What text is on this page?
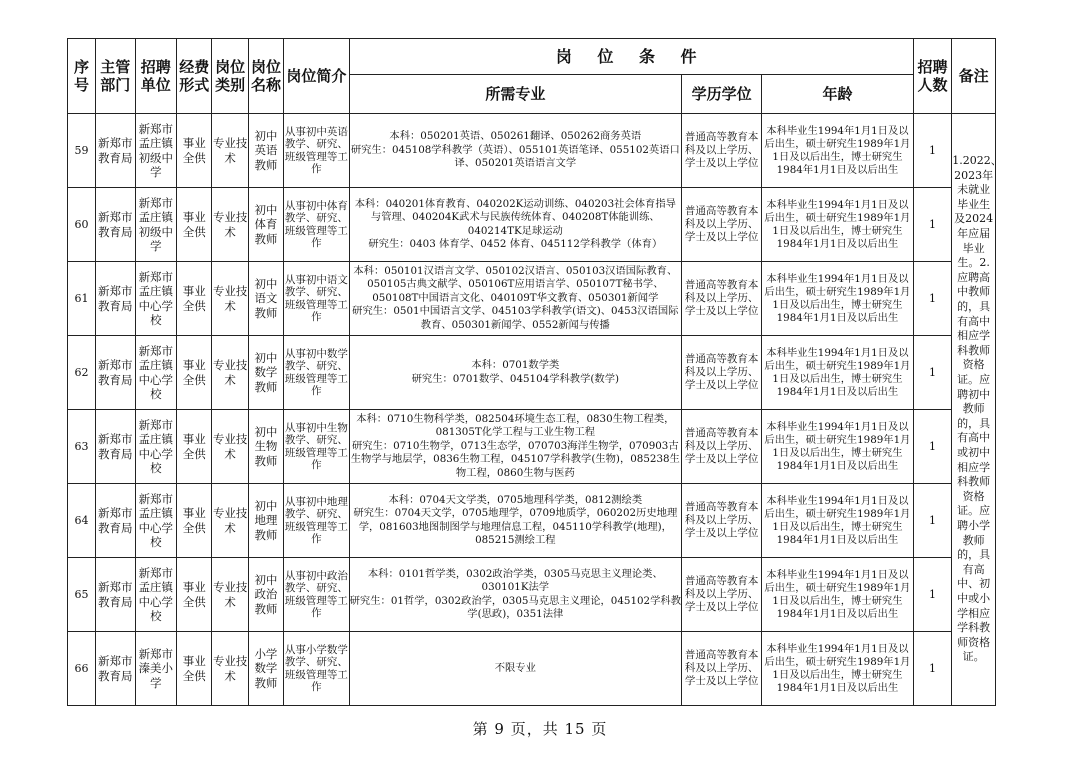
序号	主管部门	招聘单位	经费形式	岗位类别	岗位名称	岗位简介	岗 位 条 件			招聘人数	备注
							所需专业	学历学位	年龄		
59	新郑市教育局	新郑市孟庄镇初级中学	事业全供	专业技术	初中英语教师	从事初中英语教学、研究、班级管理等工作	本科：050201英语、050261翻译、050262商务英语
研究生：045108学科教学（英语）、055101英语笔译、055102英语口译、050201英语语言文学	普通高等教育本科及以上学历、学士及以上学位	本科毕业生1994年1月1日及以后出生，硕士研究生1989年1月1日及以后出生，博士研究生1984年1月1日及以后出生	1	1.2022、2023年未就业毕业生及2024年应届毕业生。2.应聘高中教师的，具有高中相应学科教师资格证。应聘初中教师的，具有高中或初中相应学科教师资格证。应聘小学教师的，具有高中、初中或小学相应学科教师资格证。
60	新郑市教育局	新郑市孟庄镇初级中学	事业全供	专业技术	初中体育教师	从事初中体育教学、研究、班级管理等工作	本科：040201体育教育、040202K运动训练、040203社会体育指导与管理、040204K武术与民族传统体育、040208T体能训练、040214TK足球运动
研究生：0403 体育学、0452 体育、045112学科教学（体育）	普通高等教育本科及以上学历、学士及以上学位	本科毕业生1994年1月1日及以后出生，硕士研究生1989年1月1日及以后出生，博士研究生1984年1月1日及以后出生	1	
61	新郑市教育局	新郑市孟庄镇中心学校	事业全供	专业技术	初中语文教师	从事初中语文教学、研究、班级管理等工作	本科：050101汉语言文学、050102汉语言、050103汉语国际教育、050105古典文献学、050106T应用语言学、050107T秘书学、050108T中国语言文化、040109T华文教育、050301新闻学
研究生：0501中国语言文学、045103学科教学(语文)、0453汉语国际教育、050301新闻学、0552新闻与传播	普通高等教育本科及以上学历、学士及以上学位	本科毕业生1994年1月1日及以后出生，硕士研究生1989年1月1日及以后出生，博士研究生1984年1月1日及以后出生	1	
62	新郑市教育局	新郑市孟庄镇中心学校	事业全供	专业技术	初中数学教师	从事初中数学教学、研究、班级管理等工作	本科：0701数学类
研究生：0701数学、045104学科教学(数学)	普通高等教育本科及以上学历、学士及以上学位	本科毕业生1994年1月1日及以后出生，硕士研究生1989年1月1日及以后出生，博士研究生1984年1月1日及以后出生	1	
63	新郑市教育局	新郑市孟庄镇中心学校	事业全供	专业技术	初中生物教师	从事初中生物教学、研究、班级管理等工作	本科：0710生物科学类，082504环境生态工程，0830生物工程类，081305T化学工程与工业生物工程
研究生：0710生物学，0713生态学，070703海洋生物学，070903古生物学与地层学，0836生物工程，045107学科教学(生物)，085238生物工程，0860生物与医药	普通高等教育本科及以上学历、学士及以上学位	本科毕业生1994年1月1日及以后出生，硕士研究生1989年1月1日及以后出生，博士研究生1984年1月1日及以后出生	1	
64	新郑市教育局	新郑市孟庄镇中心学校	事业全供	专业技术	初中地理教师	从事初中地理教学、研究、班级管理等工作	本科：0704天文学类，0705地理科学类，0812测绘类
研究生：0704天文学，0705地理学，0709地质学，060202历史地理学，081603地图制图学与地理信息工程，045110学科教学(地理)，085215测绘工程	普通高等教育本科及以上学历、学士及以上学位	本科毕业生1994年1月1日及以后出生，硕士研究生1989年1月1日及以后出生，博士研究生1984年1月1日及以后出生	1	
65	新郑市教育局	新郑市孟庄镇中心学校	事业全供	专业技术	初中政治教师	从事初中政治教学、研究、班级管理等工作	本科：0101哲学类，0302政治学类，0305马克思主义理论类、030101K法学
研究生：01哲学，0302政治学，0305马克思主义理论，045102学科教学(思政)，0351法律	普通高等教育本科及以上学历、学士及以上学位	本科毕业生1994年1月1日及以后出生，硕士研究生1989年1月1日及以后出生，博士研究生1984年1月1日及以后出生	1	
66	新郑市教育局	新郑市溱美小学	事业全供	专业技术	小学数学教师	从事小学数学教学、研究、班级管理等工作	不限专业	普通高等教育本科及以上学历、学士及以上学位	本科毕业生1994年1月1日及以后出生，硕士研究生1989年1月1日及以后出生，博士研究生1984年1月1日及以后出生	1	
第 9 页，共 15 页
